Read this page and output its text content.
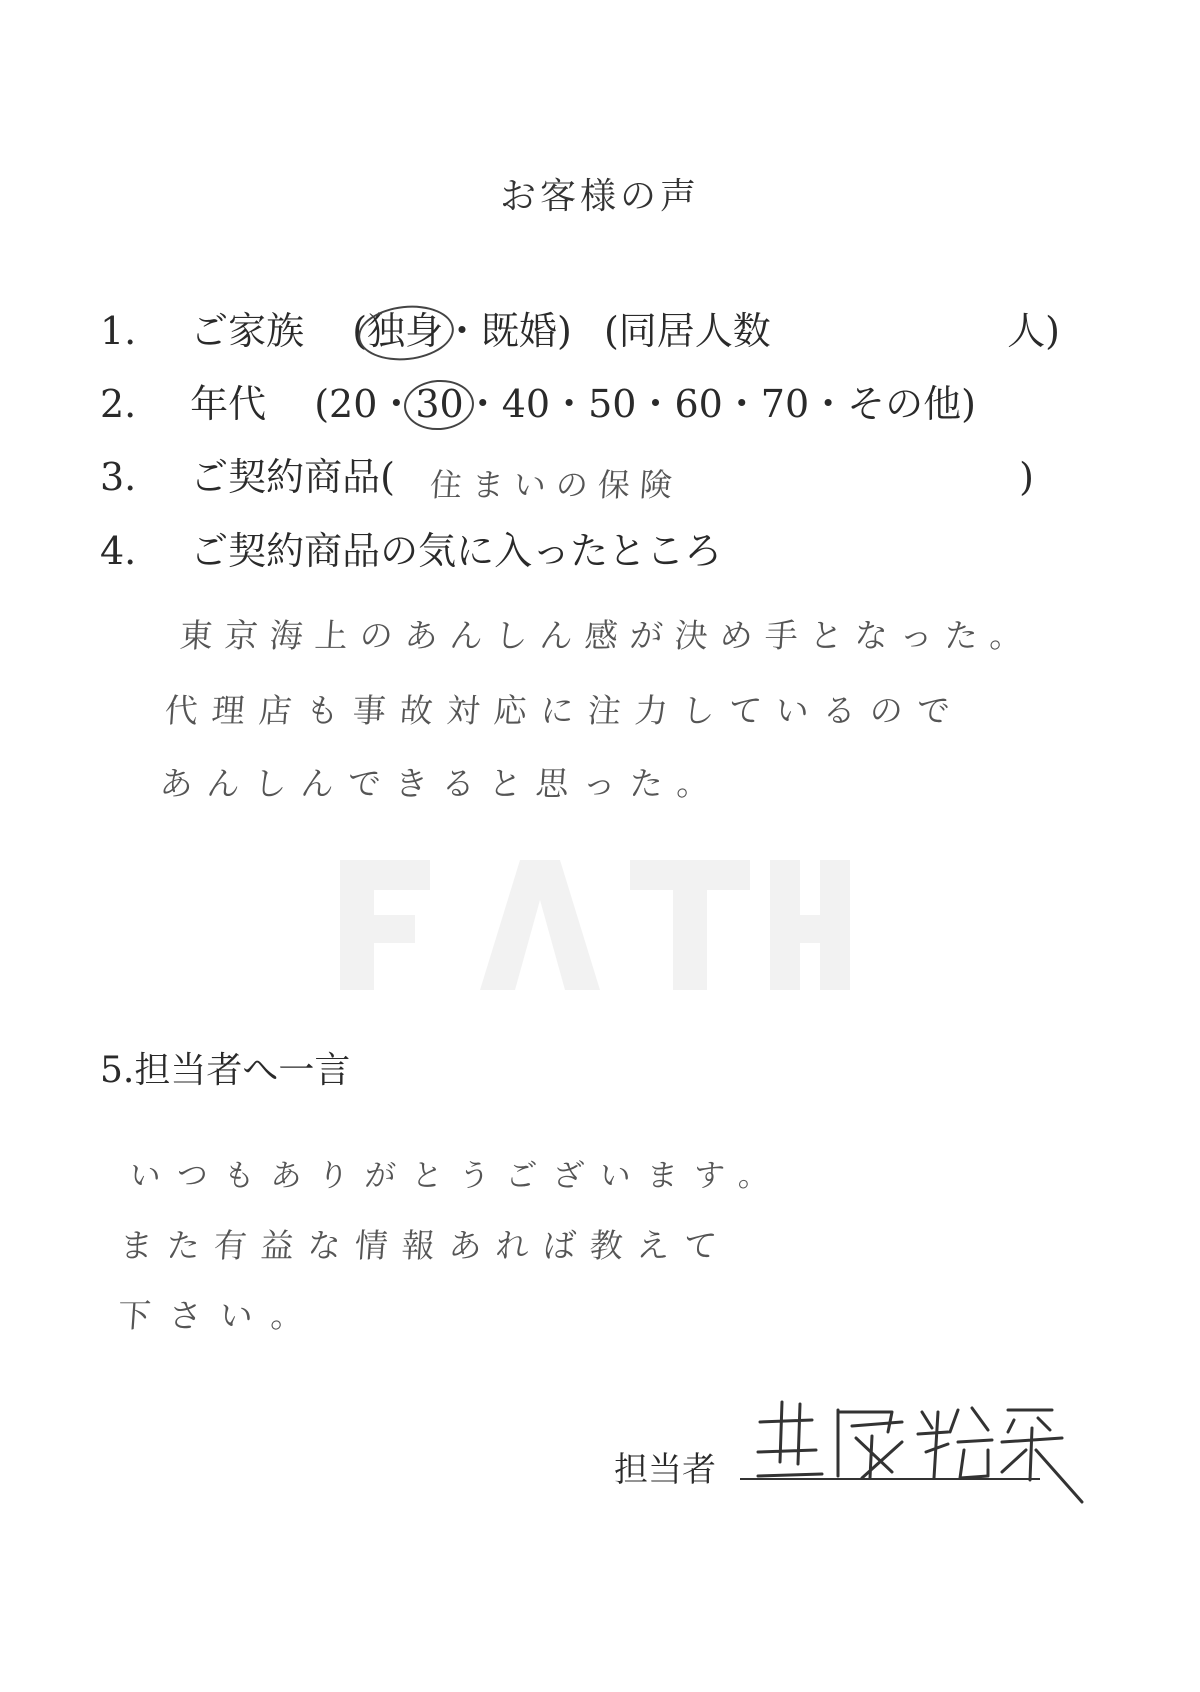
お客様の声
1. ご家族 (独身・既婚) (同居人数	人)
2. 年代 (20・30・40・50・60・70・その他)
3. ご契約商品(	)
住まいの保険
4. ご契約商品の気に入ったところ
東京海上のあんしん感が決め手となった。
代理店も事故対応に注力しているので
あんしんできると思った。
5.担当者へ一言
いつもありがとうございます。
また有益な情報あれば教えて
下さい。
担当者
